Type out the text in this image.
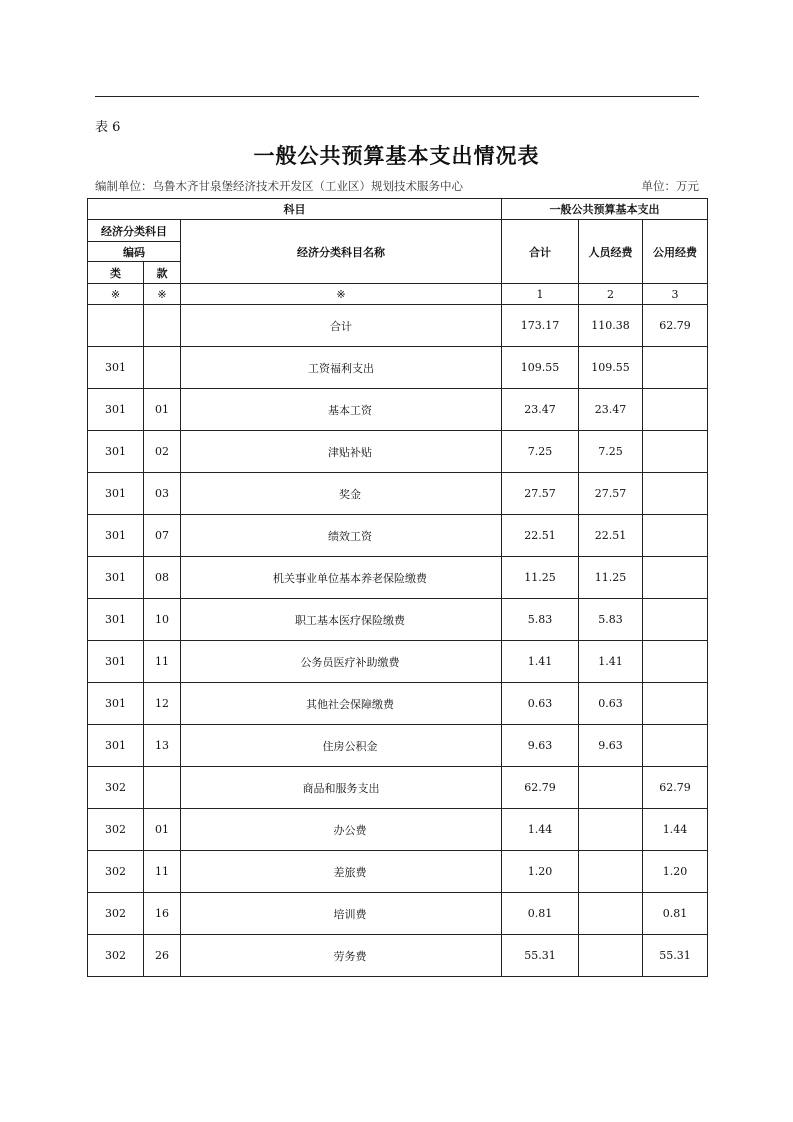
表 6
一般公共预算基本支出情况表
编制单位：乌鲁木齐甘泉堡经济技术开发区（工业区）规划技术服务中心	单位：万元
科目			一般公共预算基本支出		
经济分类科目		经济分类科目名称	合计	人员经费	公用经费
编码					
类	款				
※	※	※	1	2	3
		合计	173.17	110.38	62.79
301		工资福利支出	109.55	109.55	
301	01	基本工资	23.47	23.47	
301	02	津贴补贴	7.25	7.25	
301	03	奖金	27.57	27.57	
301	07	绩效工资	22.51	22.51	
301	08	机关事业单位基本养老保险缴费	11.25	11.25	
301	10	职工基本医疗保险缴费	5.83	5.83	
301	11	公务员医疗补助缴费	1.41	1.41	
301	12	其他社会保障缴费	0.63	0.63	
301	13	住房公积金	9.63	9.63	
302		商品和服务支出	62.79		62.79
302	01	办公费	1.44		1.44
302	11	差旅费	1.20		1.20
302	16	培训费	0.81		0.81
302	26	劳务费	55.31		55.31
